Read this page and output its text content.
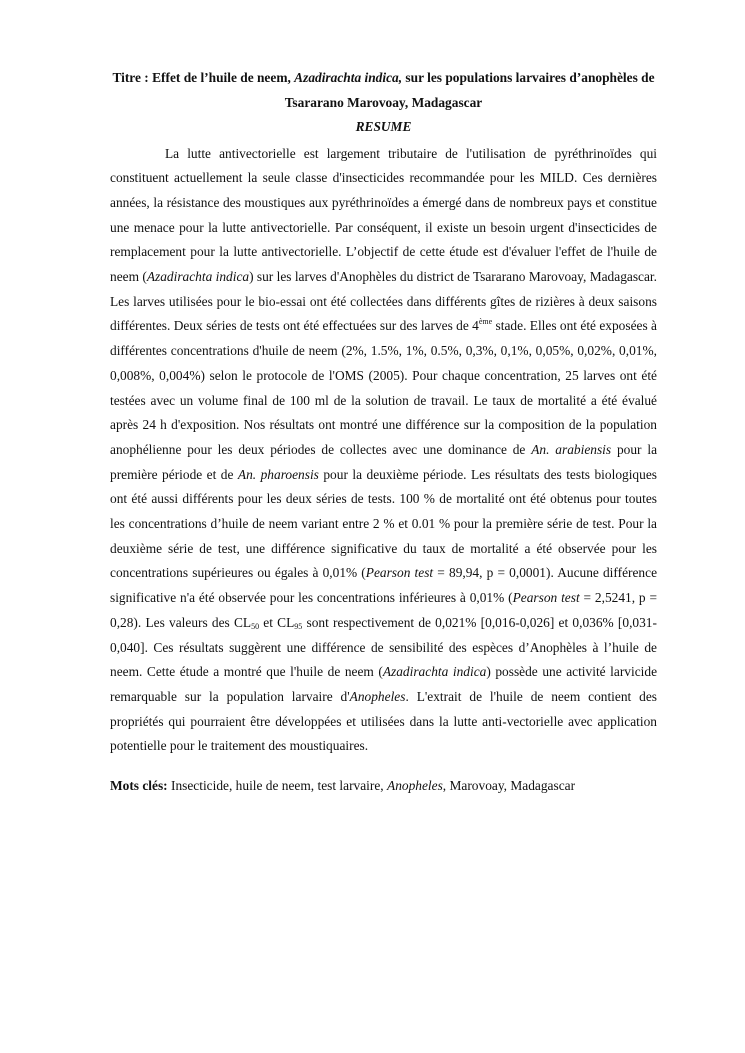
Titre : Effet de l’huile de neem, Azadirachta indica, sur les populations larvaires d’anophèles de Tsararano Marovoay, Madagascar

RESUME

La lutte antivectorielle est largement tributaire de l'utilisation de pyréthrinoïdes qui constituent actuellement la seule classe d'insecticides recommandée pour les MILD. Ces dernières années, la résistance des moustiques aux pyréthrinoïdes a émergé dans de nombreux pays et constitue une menace pour la lutte antivectorielle. Par conséquent, il existe un besoin urgent d'insecticides de remplacement pour la lutte antivectorielle. L’objectif de cette étude est d'évaluer l'effet de l'huile de neem (Azadirachta indica) sur les larves d'Anophèles du district de Tsararano Marovoay, Madagascar. Les larves utilisées pour le bio-essai ont été collectées dans différents gîtes de rizières à deux saisons différentes. Deux séries de tests ont été effectuées sur des larves de 4ème stade. Elles ont été exposées à différentes concentrations d'huile de neem (2%, 1.5%, 1%, 0.5%, 0,3%, 0,1%, 0,05%, 0,02%, 0,01%, 0,008%, 0,004%) selon le protocole de l'OMS (2005). Pour chaque concentration, 25 larves ont été testées avec un volume final de 100 ml de la solution de travail. Le taux de mortalité a été évalué après 24 h d'exposition. Nos résultats ont montré une différence sur la composition de la population anophélienne pour les deux périodes de collectes avec une dominance de An. arabiensis pour la première période et de An. pharoensis pour la deuxième période. Les résultats des tests biologiques ont été aussi différents pour les deux séries de tests. 100 % de mortalité ont été obtenus pour toutes les concentrations d’huile de neem variant entre 2 % et 0.01 % pour la première série de test. Pour la deuxième série de test, une différence significative du taux de mortalité a été observée pour les concentrations supérieures ou égales à 0,01% (Pearson test = 89,94, p = 0,0001). Aucune différence significative n'a été observée pour les concentrations inférieures à 0,01% (Pearson test = 2,5241, p = 0,28). Les valeurs des $CL_{50}$ et $CL_{95}$ sont respectivement de 0,021% [0,016-0,026] et 0,036% [0,031-0,040]. Ces résultats suggèrent une différence de sensibilité des espèces d’Anophèles à l’huile de neem. Cette étude a montré que l'huile de neem (Azadirachta indica) possède une activité larvicide remarquable sur la population larvaire d'Anopheles. L'extrait de l'huile de neem contient des propriétés qui pourraient être développées et utilisées dans la lutte anti-vectorielle avec application potentielle pour le traitement des moustiquaires.

Mots clés: Insecticide, huile de neem, test larvaire, Anopheles, Marovoay, Madagascar
